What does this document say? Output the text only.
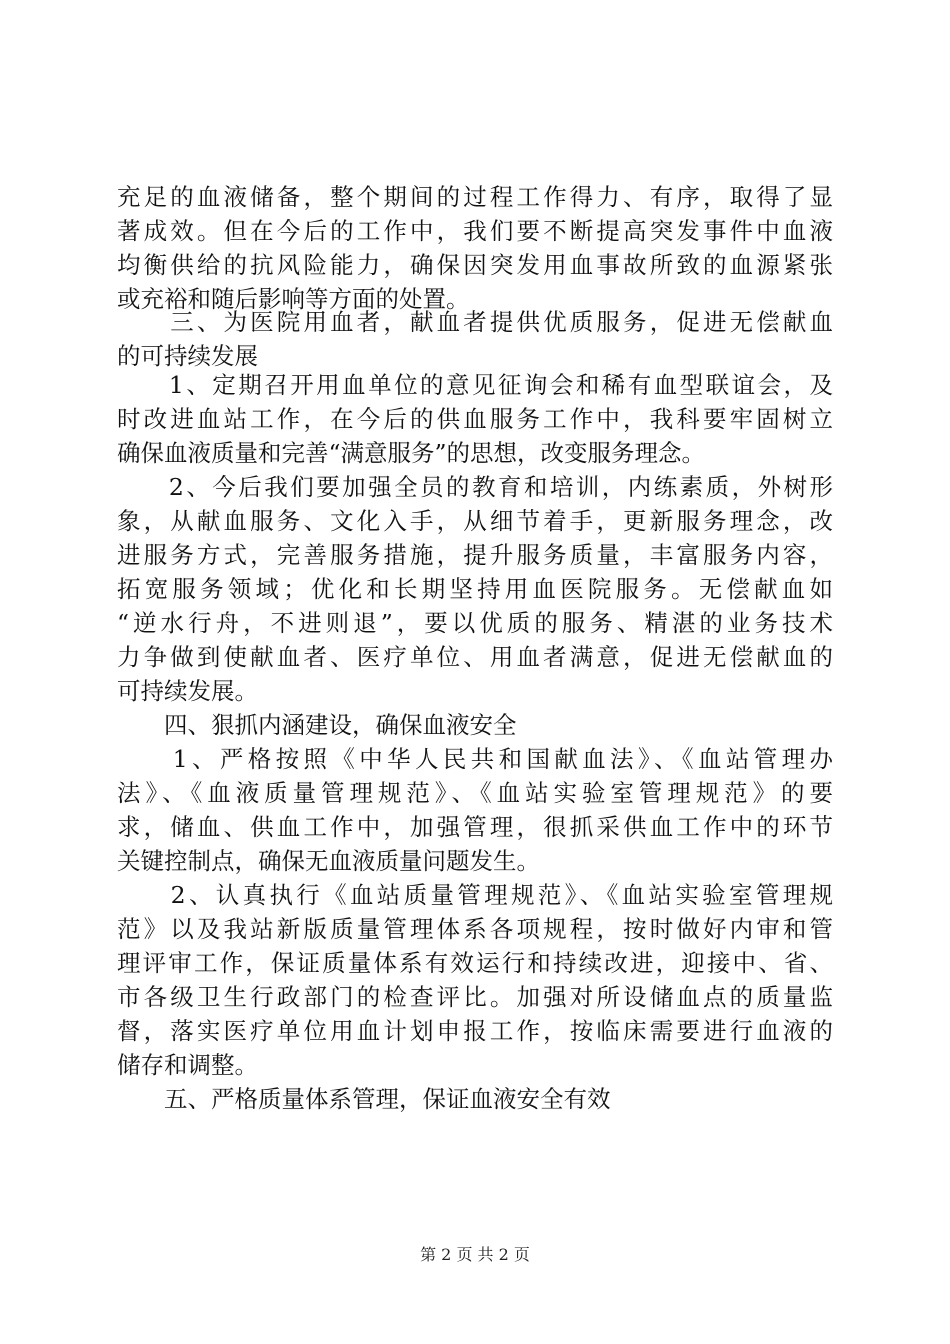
充足的血液储备，整个期间的过程工作得力、有序，取得了显
著成效。但在今后的工作中，我们要不断提高突发事件中血液
均衡供给的抗风险能力，确保因突发用血事故所致的血源紧张
或充裕和随后影响等方面的处置。
　　三、为医院用血者，献血者提供优质服务，促进无偿献血
的可持续发展
　　1、定期召开用血单位的意见征询会和稀有血型联谊会，及
时改进血站工作，在今后的供血服务工作中，我科要牢固树立
确保血液质量和完善“满意服务”的思想，改变服务理念。
　　2、今后我们要加强全员的教育和培训，内练素质，外树形
象，从献血服务、文化入手，从细节着手，更新服务理念，改
进服务方式，完善服务措施，提升服务质量，丰富服务内容，
拓宽服务领域；优化和长期坚持用血医院服务。无偿献血如
“逆水行舟，不进则退”，要以优质的服务、精湛的业务技术
力争做到使献血者、医疗单位、用血者满意，促进无偿献血的
可持续发展。
　　四、狠抓内涵建设，确保血液安全
　　1、严格按照《中华人民共和国献血法》、《血站管理办
法》、《血液质量管理规范》、《血站实验室管理规范》的要
求，储血、供血工作中，加强管理，很抓采供血工作中的环节
关键控制点，确保无血液质量问题发生。
　　2、认真执行《血站质量管理规范》、《血站实验室管理规
范》以及我站新版质量管理体系各项规程，按时做好内审和管
理评审工作，保证质量体系有效运行和持续改进，迎接中、省、
市各级卫生行政部门的检查评比。加强对所设储血点的质量监
督，落实医疗单位用血计划申报工作，按临床需要进行血液的
储存和调整。
　　五、严格质量体系管理，保证血液安全有效
第 2 页 共 2 页
